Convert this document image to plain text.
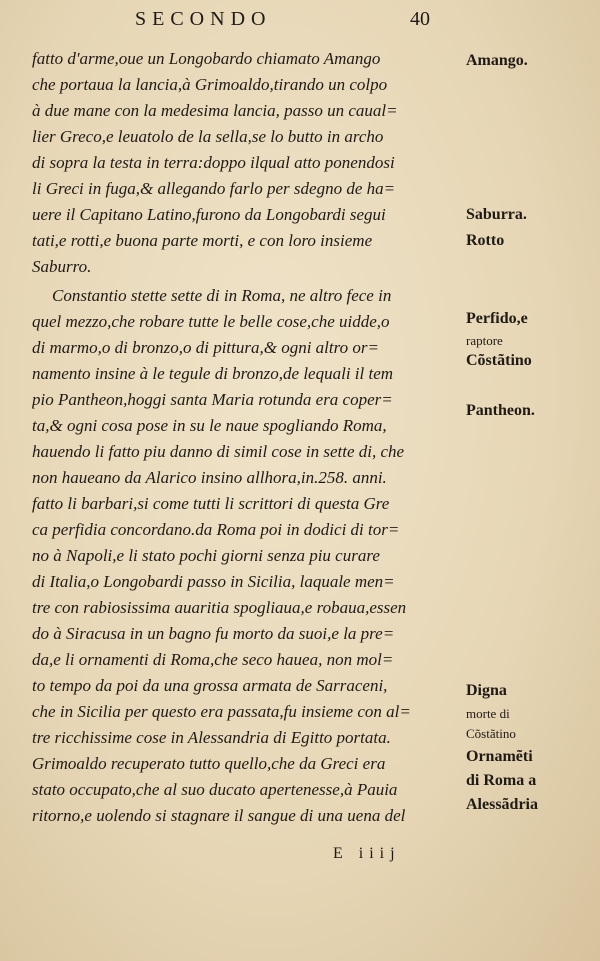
SECONDO	40
fatto d'arme,oue un Longobardo chiamato Amango
che portaua la lancia,à Grimoaldo,tirando un colpo
à due mane con la medesima lancia, passo un caual=
lier Greco,e leuatolo de la sella,se lo butto in archo
di sopra la testa in terra:doppo ilqual atto ponendosi
li Greci in fuga,& allegando farlo per sdegno de ha=
uere il Capitano Latino,furono da Longobardi segui
tati,e rotti,e buona parte morti, e con loro insieme
Saburro.
Constantio stette sette di in Roma, ne altro fece in
quel mezzo,che robare tutte le belle cose,che uidde,o
di marmo,o di bronzo,o di pittura,& ogni altro or=
namento insine à le tegule di bronzo,de lequali il tem
pio Pantheon,hoggi santa Maria rotunda era coper=
ta,& ogni cosa pose in su le naue spogliando Roma,
hauendo li fatto piu danno di simil cose in sette di, che
non haueano da Alarico insino allhora,in.258. anni.
fatto li barbari,si come tutti li scrittori di questa Gre
ca perfidia concordano.da Roma poi in dodici di tor=
no à Napoli,e li stato pochi giorni senza piu curare
di Italia,o Longobardi passo in Sicilia, laquale men=
tre con rabiosissima auaritia spogliaua,e robaua,essen
do à Siracusa in un bagno fu morto da suoi,e la pre=
da,e li ornamenti di Roma,che seco hauea, non mol=
to tempo da poi da una grossa armata de Sarraceni,
che in Sicilia per questo era passata,fu insieme con al=
tre ricchissime cose in Alessandria di Egitto portata.
Grimoaldo recuperato tutto quello,che da Greci era
stato occupato,che al suo ducato apertenesse,à Pauia
ritorno,e uolendo si stagnare il sangue di una uena del
Amango.
Saburra.
Rotto
Perfido,e
raptore
Cõstãtino
Pantheon.
Digna
morte di
Cõstãtino
Ornamẽti
di Roma a
Alessãdria
E iiij
